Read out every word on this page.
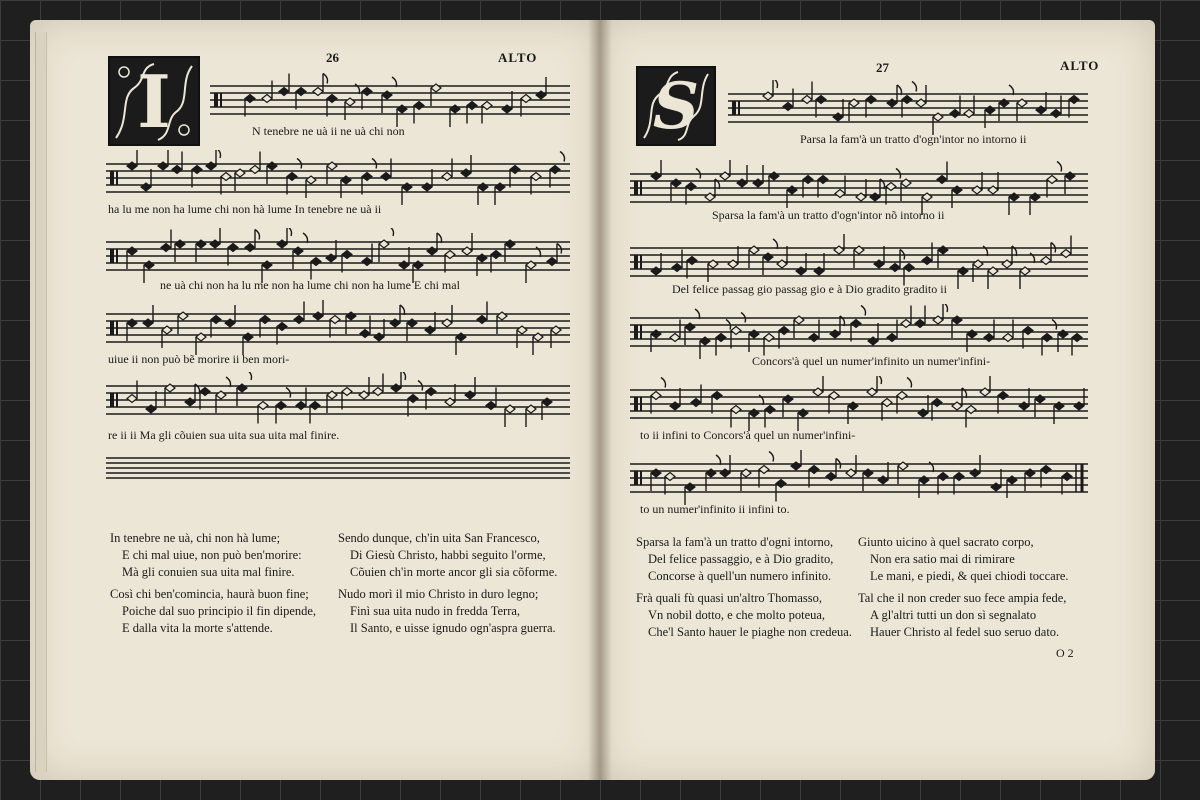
26	ALTO
I	N tenebre ne uà ii ne uà chi non
ha lu me non ha lume chi non hà lume In tenebre ne uà ii
ne uà chi non ha lu me non ha lume chi non ha lume E chi mal
uiue ii non può bẽ morire ii ben mori-
re ii ii Ma gli cõuien sua uita sua uita mal finire.
In tenebre ne uà, chi non hà lume;
E chi mal uiue, non può ben'morire:
Mà gli conuien sua uita mal finire.
Così chi ben'comincia, haurà buon fine;
Poiche dal suo principio il fin dipende,
E dalla vita la morte s'attende.
Sendo dunque, ch'in uita San Francesco,
Di Giesù Christo, habbi seguito l'orme,
Cõuien ch'in morte ancor gli sia cõforme.
Nudo morì il mio Christo in duro legno;
Finì sua uita nudo in fredda Terra,
Il Santo, e uisse ignudo ogn'aspra guerra.
27	ALTO
S	Parsa la fam'à un tratto d'ogn'intor no intorno ii
Sparsa la fam'à un tratto d'ogn'intor nõ intorno ii
Del felice passag gio passag gio e à Dio gradito gradito ii
Concors'à quel un numer'infinito un numer'infini-
to ii infini to Concors'à quel un numer'infini-
to un numer'infinito ii infini to.
Sparsa la fam'à un tratto d'ogni intorno,
Del felice passaggio, e à Dio gradito,
Concorse à quell'un numero infinito.
Frà quali fù quasi un'altro Thomasso,
Vn nobil dotto, e che molto poteua,
Che'l Santo hauer le piaghe non credeua.
Giunto uicino à quel sacrato corpo,
Non era satio mai di rimirare
Le mani, e piedi, & quei chiodi toccare.
Tal che il non creder suo fece ampia fede,
A gl'altri tutti un don sì segnalato
Hauer Christo al fedel suo seruo dato.
O 2
